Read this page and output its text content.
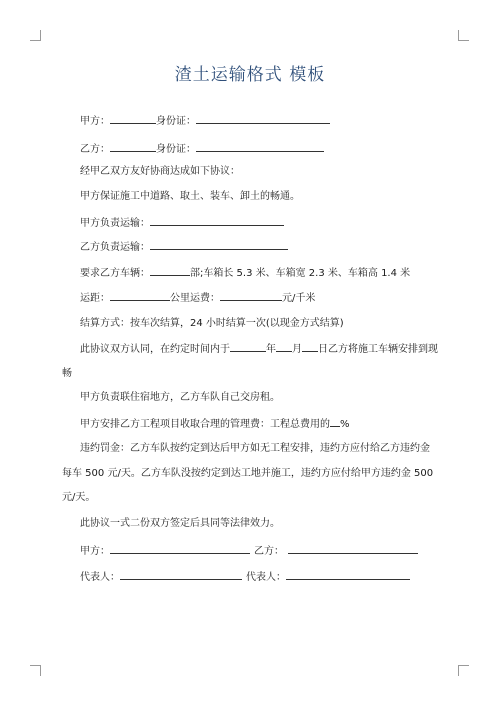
渣土运输格式 模板
甲方：	身份证：
乙方：	身份证：
经甲乙双方友好协商达成如下协议：
甲方保证施工中道路、取土、装车、卸土的畅通。
甲方负责运输：
乙方负责运输：
要求乙方车辆：	部;车箱长 5.3 米、车箱宽 2.3 米、车箱高 1.4 米
运距：	公里运费：	元/千米
结算方式：按车次结算，24 小时结算一次(以现金方式结算)
此协议双方认同，在约定时间内于	年 月 日乙方将施工车辆安排到现
畅
甲方负责联住宿地方，乙方车队自己交房租。
甲方安排乙方工程项目收取合理的管理费：工程总费用的 %
违约罚金：乙方车队按约定到达后甲方如无工程安排，违约方应付给乙方违约金
每车 500 元/天。乙方车队没按约定到达工地并施工，违约方应付给甲方违约金 500
元/天。
此协议一式二份双方签定后具同等法律效力。
甲方：	乙方：
代表人：	代表人：
